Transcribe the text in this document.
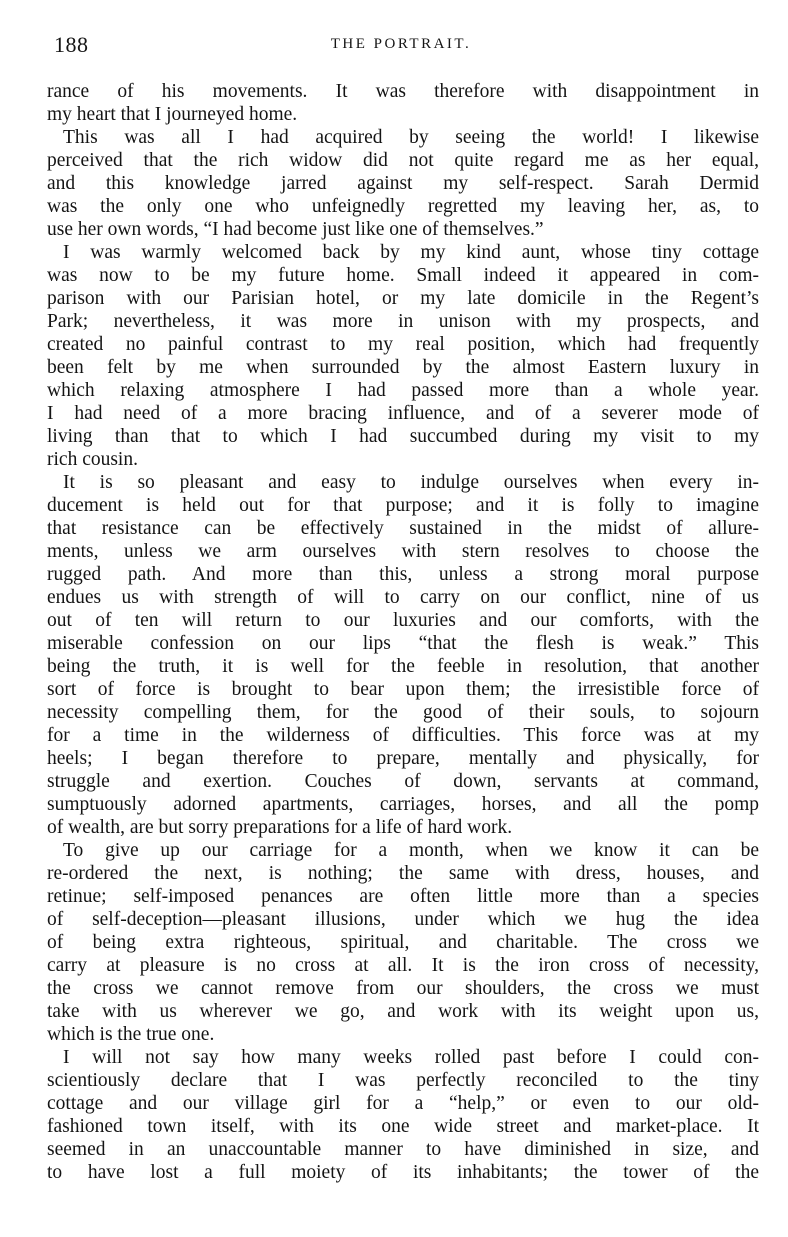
188	THE PORTRAIT.
rance of his movements. It was therefore with disappointment in
my heart that I journeyed home.
This was all I had acquired by seeing the world! I likewise
perceived that the rich widow did not quite regard me as her equal,
and this knowledge jarred against my self-respect. Sarah Dermid
was the only one who unfeignedly regretted my leaving her, as, to
use her own words, “I had become just like one of themselves.”
I was warmly welcomed back by my kind aunt, whose tiny cottage
was now to be my future home. Small indeed it appeared in com-
parison with our Parisian hotel, or my late domicile in the Regent’s
Park; nevertheless, it was more in unison with my prospects, and
created no painful contrast to my real position, which had frequently
been felt by me when surrounded by the almost Eastern luxury in
which relaxing atmosphere I had passed more than a whole year.
I had need of a more bracing influence, and of a severer mode of
living than that to which I had succumbed during my visit to my
rich cousin.
It is so pleasant and easy to indulge ourselves when every in-
ducement is held out for that purpose; and it is folly to imagine
that resistance can be effectively sustained in the midst of allure-
ments, unless we arm ourselves with stern resolves to choose the
rugged path. And more than this, unless a strong moral purpose
endues us with strength of will to carry on our conflict, nine of us
out of ten will return to our luxuries and our comforts, with the
miserable confession on our lips “that the flesh is weak.” This
being the truth, it is well for the feeble in resolution, that another
sort of force is brought to bear upon them; the irresistible force of
necessity compelling them, for the good of their souls, to sojourn
for a time in the wilderness of difficulties. This force was at my
heels; I began therefore to prepare, mentally and physically, for
struggle and exertion. Couches of down, servants at command,
sumptuously adorned apartments, carriages, horses, and all the pomp
of wealth, are but sorry preparations for a life of hard work.
To give up our carriage for a month, when we know it can be
re-ordered the next, is nothing; the same with dress, houses, and
retinue; self-imposed penances are often little more than a species
of self-deception—pleasant illusions, under which we hug the idea
of being extra righteous, spiritual, and charitable. The cross we
carry at pleasure is no cross at all. It is the iron cross of necessity,
the cross we cannot remove from our shoulders, the cross we must
take with us wherever we go, and work with its weight upon us,
which is the true one.
I will not say how many weeks rolled past before I could con-
scientiously declare that I was perfectly reconciled to the tiny
cottage and our village girl for a “help,” or even to our old-
fashioned town itself, with its one wide street and market-place. It
seemed in an unaccountable manner to have diminished in size, and
to have lost a full moiety of its inhabitants; the tower of the
